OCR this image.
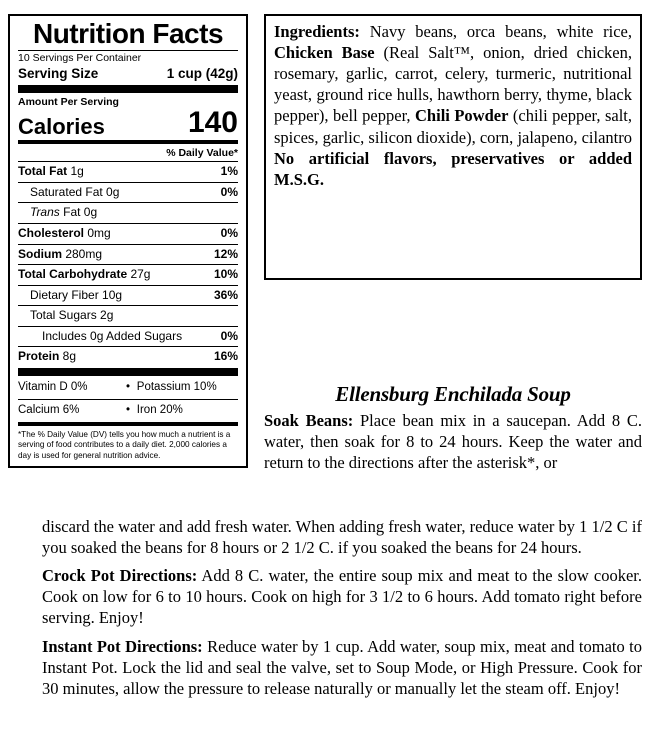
Nutrition Facts
10 Servings Per Container
Serving Size	1 cup (42g)
Amount Per Serving
Calories	140
% Daily Value*
Total Fat 1g	1%
Saturated Fat 0g	0%
Trans Fat 0g
Cholesterol 0mg	0%
Sodium 280mg	12%
Total Carbohydrate 27g	10%
Dietary Fiber 10g	36%
Total Sugars 2g
Includes 0g Added Sugars	0%
Protein 8g	16%
Vitamin D 0%	• Potassium 10%
Calcium 6%	• Iron 20%
*The % Daily Value (DV) tells you how much a nutrient is a serving of food contributes to a daily diet. 2,000 calories a day is used for general nutrition advice.
Ingredients: Navy beans, orca beans, white rice, Chicken Base (Real Salt™, onion, dried chicken, rosemary, garlic, carrot, celery, turmeric, nutritional yeast, ground rice hulls, hawthorn berry, thyme, black pepper), bell pepper, Chili Powder (chili pepper, salt, spices, garlic, silicon dioxide), corn, jalapeno, cilantro No artificial flavors, preservatives or added M.S.G.
Ellensburg Enchilada Soup

Soak Beans: Place bean mix in a saucepan. Add 8 C. water, then soak for 8 to 24 hours. Keep the water and return to the directions after the asterisk*, or

discard the water and add fresh water. When adding fresh water, reduce water by 1 1/2 C if you soaked the beans for 8 hours or 2 1/2 C. if you soaked the beans for 24 hours.

Crock Pot Directions: Add 8 C. water, the entire soup mix and meat to the slow cooker. Cook on low for 6 to 10 hours. Cook on high for 3 1/2 to 6 hours. Add tomato right before serving. Enjoy!

Instant Pot Directions: Reduce water by 1 cup. Add water, soup mix, meat and tomato to Instant Pot. Lock the lid and seal the valve, set to Soup Mode, or High Pressure. Cook for 30 minutes, allow the pressure to release naturally or manually let the steam off. Enjoy!
